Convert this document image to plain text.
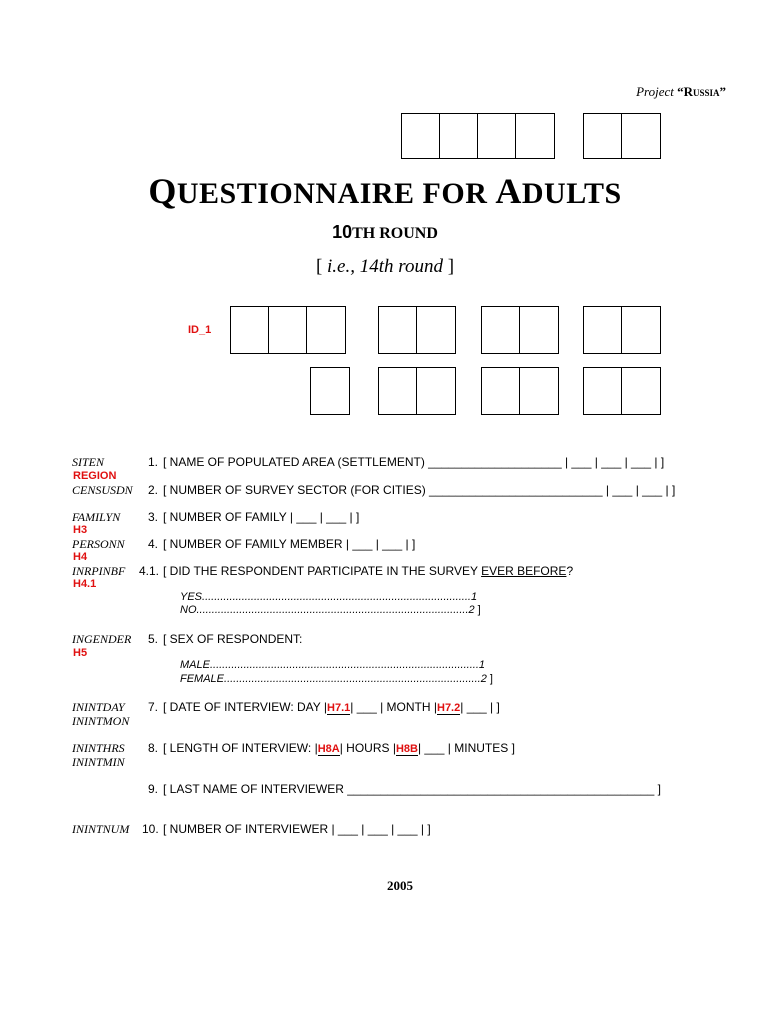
Project “Russia”
QUESTIONNAIRE FOR ADULTS
10TH ROUND
[ i.e., 14th round ]
ID_1
SITEN	1. [ NAME OF POPULATED AREA (SETTLEMENT) ____________________ | ___ | ___ | ___ | ]
REGION
CENSUSDN 2. [ NUMBER OF SURVEY SECTOR (FOR CITIES) __________________________ | ___ | ___ | ]
FAMILYN 3. [ NUMBER OF FAMILY | ___ | ___ | ]
H3
PERSONN 4. [ NUMBER OF FAMILY MEMBER | ___ | ___ | ]
H4
INRPINBF 4.1. [ DID THE RESPONDENT PARTICIPATE IN THE SURVEY EVER BEFORE?
H4.1
YES........................................................................................1
NO.........................................................................................2 ]
INGENDER 5. [ SEX OF RESPONDENT:
H5
MALE........................................................................................1
FEMALE....................................................................................2 ]
ININTDAY
ININTMON
7. [ DATE OF INTERVIEW: DAY |H7.1| ___ | MONTH |H7.2| ___ | ]
ININTHRS
ININTMIN
8. [ LENGTH OF INTERVIEW: |H8A| HOURS |H8B| ___ | MINUTES ]
9. [ LAST NAME OF INTERVIEWER ______________________________________________ ]
ININTNUM 10. [ NUMBER OF INTERVIEWER | ___ | ___ | ___ | ]
2005
